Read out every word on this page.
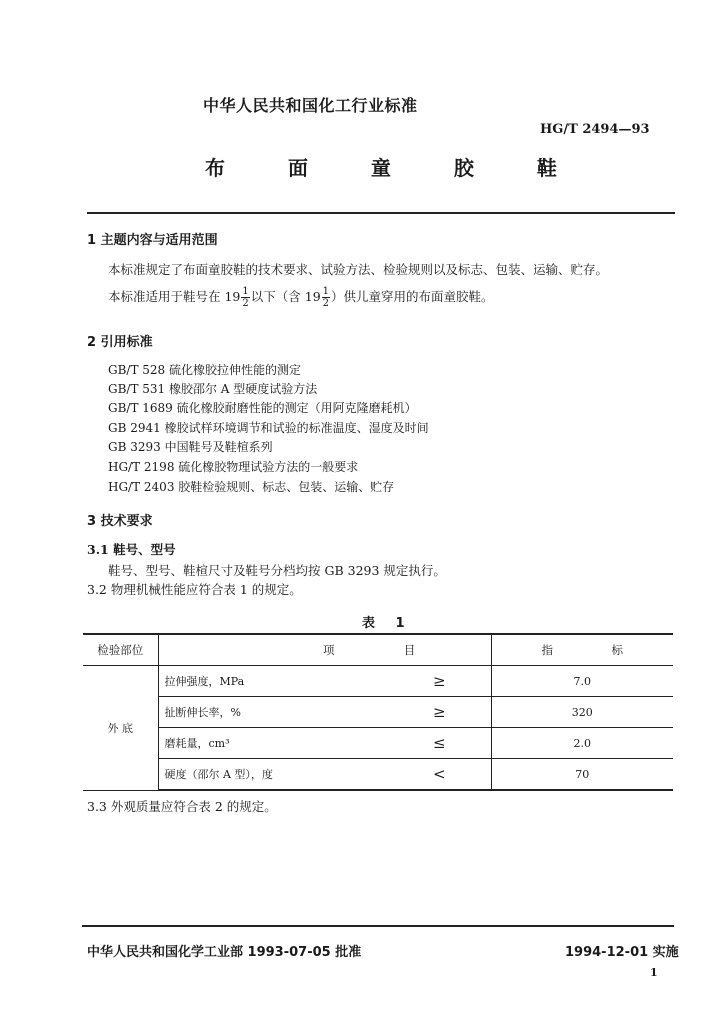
中华人民共和国化工行业标准
HG/T 2494—93
布 面 童 胶 鞋
1 主题内容与适用范围
本标准规定了布面童胶鞋的技术要求、试验方法、检验规则以及标志、包装、运输、贮存。
本标准适用于鞋号在 $19 \frac{1}{2}$ 以下（含 $19 \frac{1}{2}$ ）供儿童穿用的布面童胶鞋。
2 引用标准
GB/T 528 硫化橡胶拉伸性能的测定
GB/T 531 橡胶邵尔 A 型硬度试验方法
GB/T 1689 硫化橡胶耐磨性能的测定（用阿克隆磨耗机）
GB 2941 橡胶试样环境调节和试验的标准温度、湿度及时间
GB 3293 中国鞋号及鞋楦系列
HG/T 2198 硫化橡胶物理试验方法的一般要求
HG/T 2403 胶鞋检验规则、标志、包装、运输、贮存
3 技术要求
3.1 鞋号、型号
鞋号、型号、鞋楦尺寸及鞋号分档均按 GB 3293 规定执行。
3.2 物理机械性能应符合表 1 的规定。
表 1
检验部位	项 目		指 标
外 底	拉伸强度，MPa	≥	7.0
	扯断伸长率，%	≥	320
	磨耗量，cm³	≤	2.0
	硬度（邵尔 A 型），度	<	70
3.3 外观质量应符合表 2 的规定。
中华人民共和国化学工业部 1993-07-05 批准	1994-12-01 实施
1
